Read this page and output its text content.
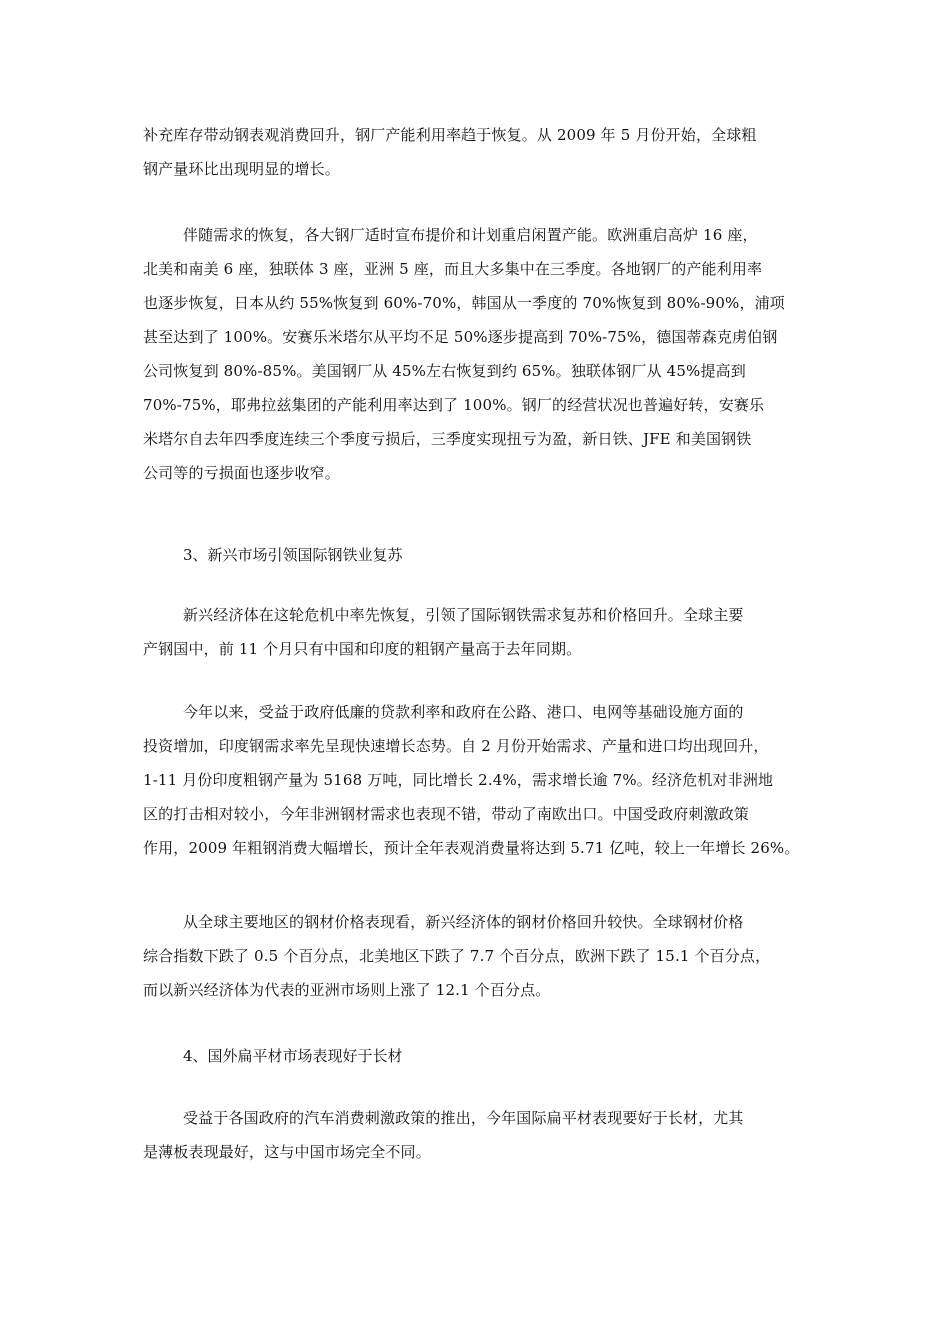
补充库存带动钢表观消费回升，钢厂产能利用率趋于恢复。从 2009 年 5 月份开始，全球粗
钢产量环比出现明显的增长。

伴随需求的恢复，各大钢厂适时宣布提价和计划重启闲置产能。欧洲重启高炉 16 座，
北美和南美 6 座，独联体 3 座，亚洲 5 座，而且大多集中在三季度。各地钢厂的产能利用率
也逐步恢复，日本从约 55%恢复到 60%-70%，韩国从一季度的 70%恢复到 80%-90%，浦项
甚至达到了 100%。安赛乐米塔尔从平均不足 50%逐步提高到 70%-75%，德国蒂森克虏伯钢
公司恢复到 80%-85%。美国钢厂从 45%左右恢复到约 65%。独联体钢厂从 45%提高到
70%-75%，耶弗拉兹集团的产能利用率达到了 100%。钢厂的经营状况也普遍好转，安赛乐
米塔尔自去年四季度连续三个季度亏损后，三季度实现扭亏为盈，新日铁、JFE 和美国钢铁
公司等的亏损面也逐步收窄。

3、新兴市场引领国际钢铁业复苏

新兴经济体在这轮危机中率先恢复，引领了国际钢铁需求复苏和价格回升。全球主要
产钢国中，前 11 个月只有中国和印度的粗钢产量高于去年同期。

今年以来，受益于政府低廉的贷款利率和政府在公路、港口、电网等基础设施方面的
投资增加，印度钢需求率先呈现快速增长态势。自 2 月份开始需求、产量和进口均出现回升，
1-11 月份印度粗钢产量为 5168 万吨，同比增长 2.4%，需求增长逾 7%。经济危机对非洲地
区的打击相对较小，今年非洲钢材需求也表现不错，带动了南欧出口。中国受政府刺激政策
作用，2009 年粗钢消费大幅增长，预计全年表观消费量将达到 5.71 亿吨，较上一年增长 26%。

从全球主要地区的钢材价格表现看，新兴经济体的钢材价格回升较快。全球钢材价格
综合指数下跌了 0.5 个百分点，北美地区下跌了 7.7 个百分点，欧洲下跌了 15.1 个百分点，
而以新兴经济体为代表的亚洲市场则上涨了 12.1 个百分点。

4、国外扁平材市场表现好于长材

受益于各国政府的汽车消费刺激政策的推出，今年国际扁平材表现要好于长材，尤其
是薄板表现最好，这与中国市场完全不同。
